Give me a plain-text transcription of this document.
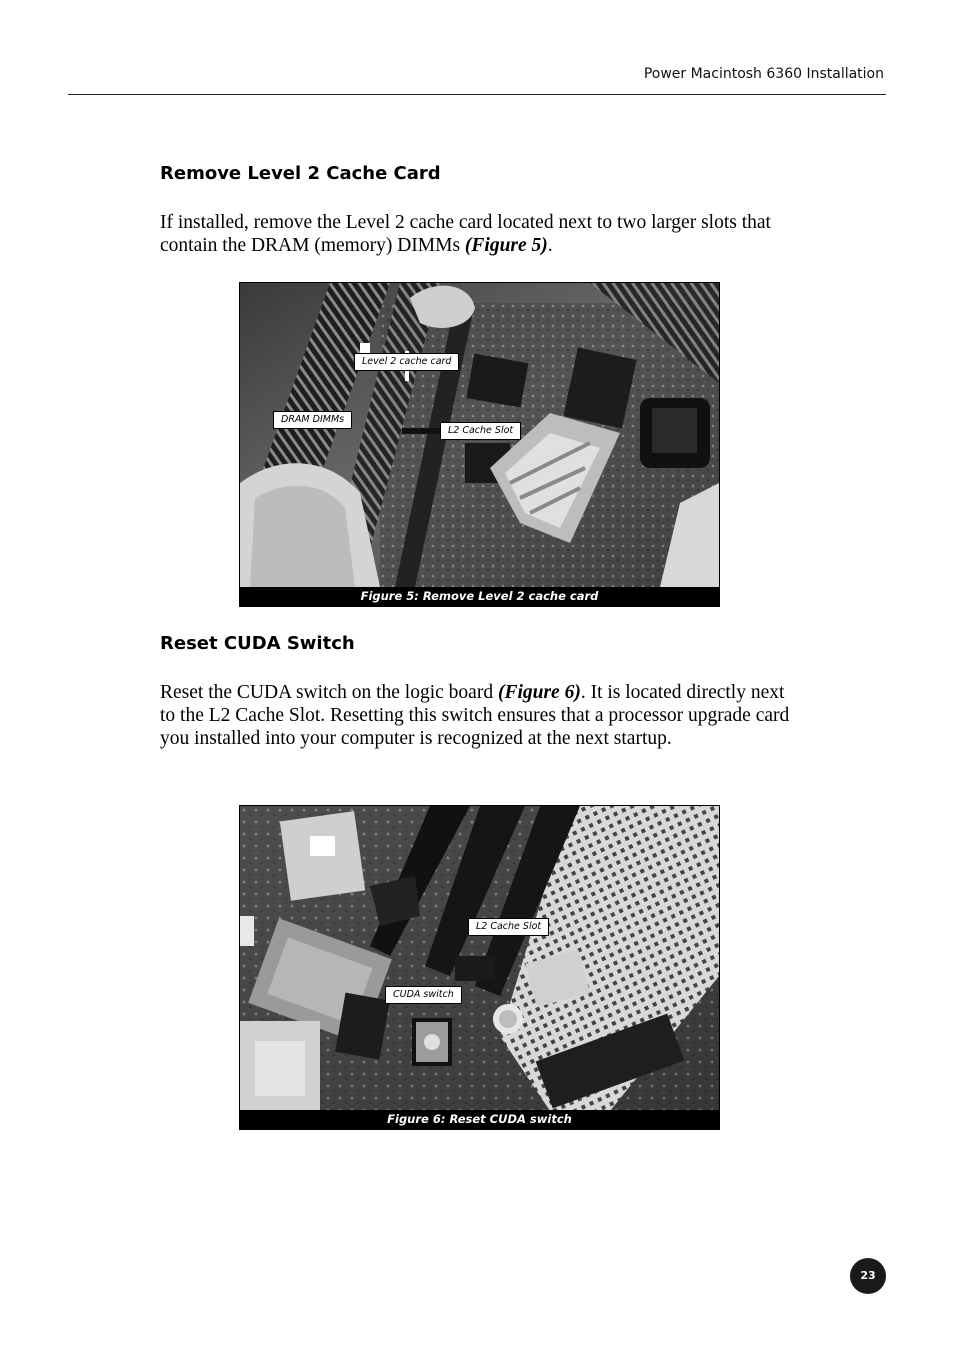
Power Macintosh 6360 Installation
Remove Level 2 Cache Card

If installed, remove the Level 2 cache card located next to two larger slots that contain the DRAM (memory) DIMMs (Figure 5).

Level 2 cache card
DRAM DIMMs
L2 Cache Slot
Figure 5: Remove Level 2 cache card
Reset CUDA Switch

Reset the CUDA switch on the logic board (Figure 6). It is located directly next to the L2 Cache Slot. Resetting this switch ensures that a processor upgrade card you installed into your computer is recognized at the next startup.

L2 Cache Slot
CUDA switch
Figure 6: Reset CUDA switch
23
